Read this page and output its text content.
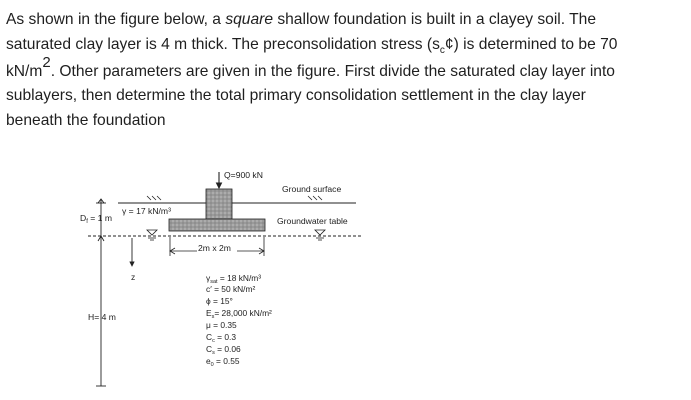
As shown in the figure below, a square shallow foundation is built in a clayey soil. The
saturated clay layer is 4 m thick. The preconsolidation stress $(s_c¢)$ is determined to be 70
kN/m2. Other parameters are given in the figure. First divide the saturated clay layer into
sublayers, then determine the total primary consolidation settlement in the clay layer
beneath the foundation
Q=900 kN
Ground surface
Groundwater table
γ = 17 kN/m³
$D_f = 1$ m
H= 4 m
z
2m x 2m
$\gamma_{sat} = 18$ kN/m³
c′ = 50 kN/m²
ϕ = 15°
$E_s= 28,000$ kN/m²
μ = 0.35
$C_c = 0.3$
$C_s = 0.06$
$e_0 = 0.55$
